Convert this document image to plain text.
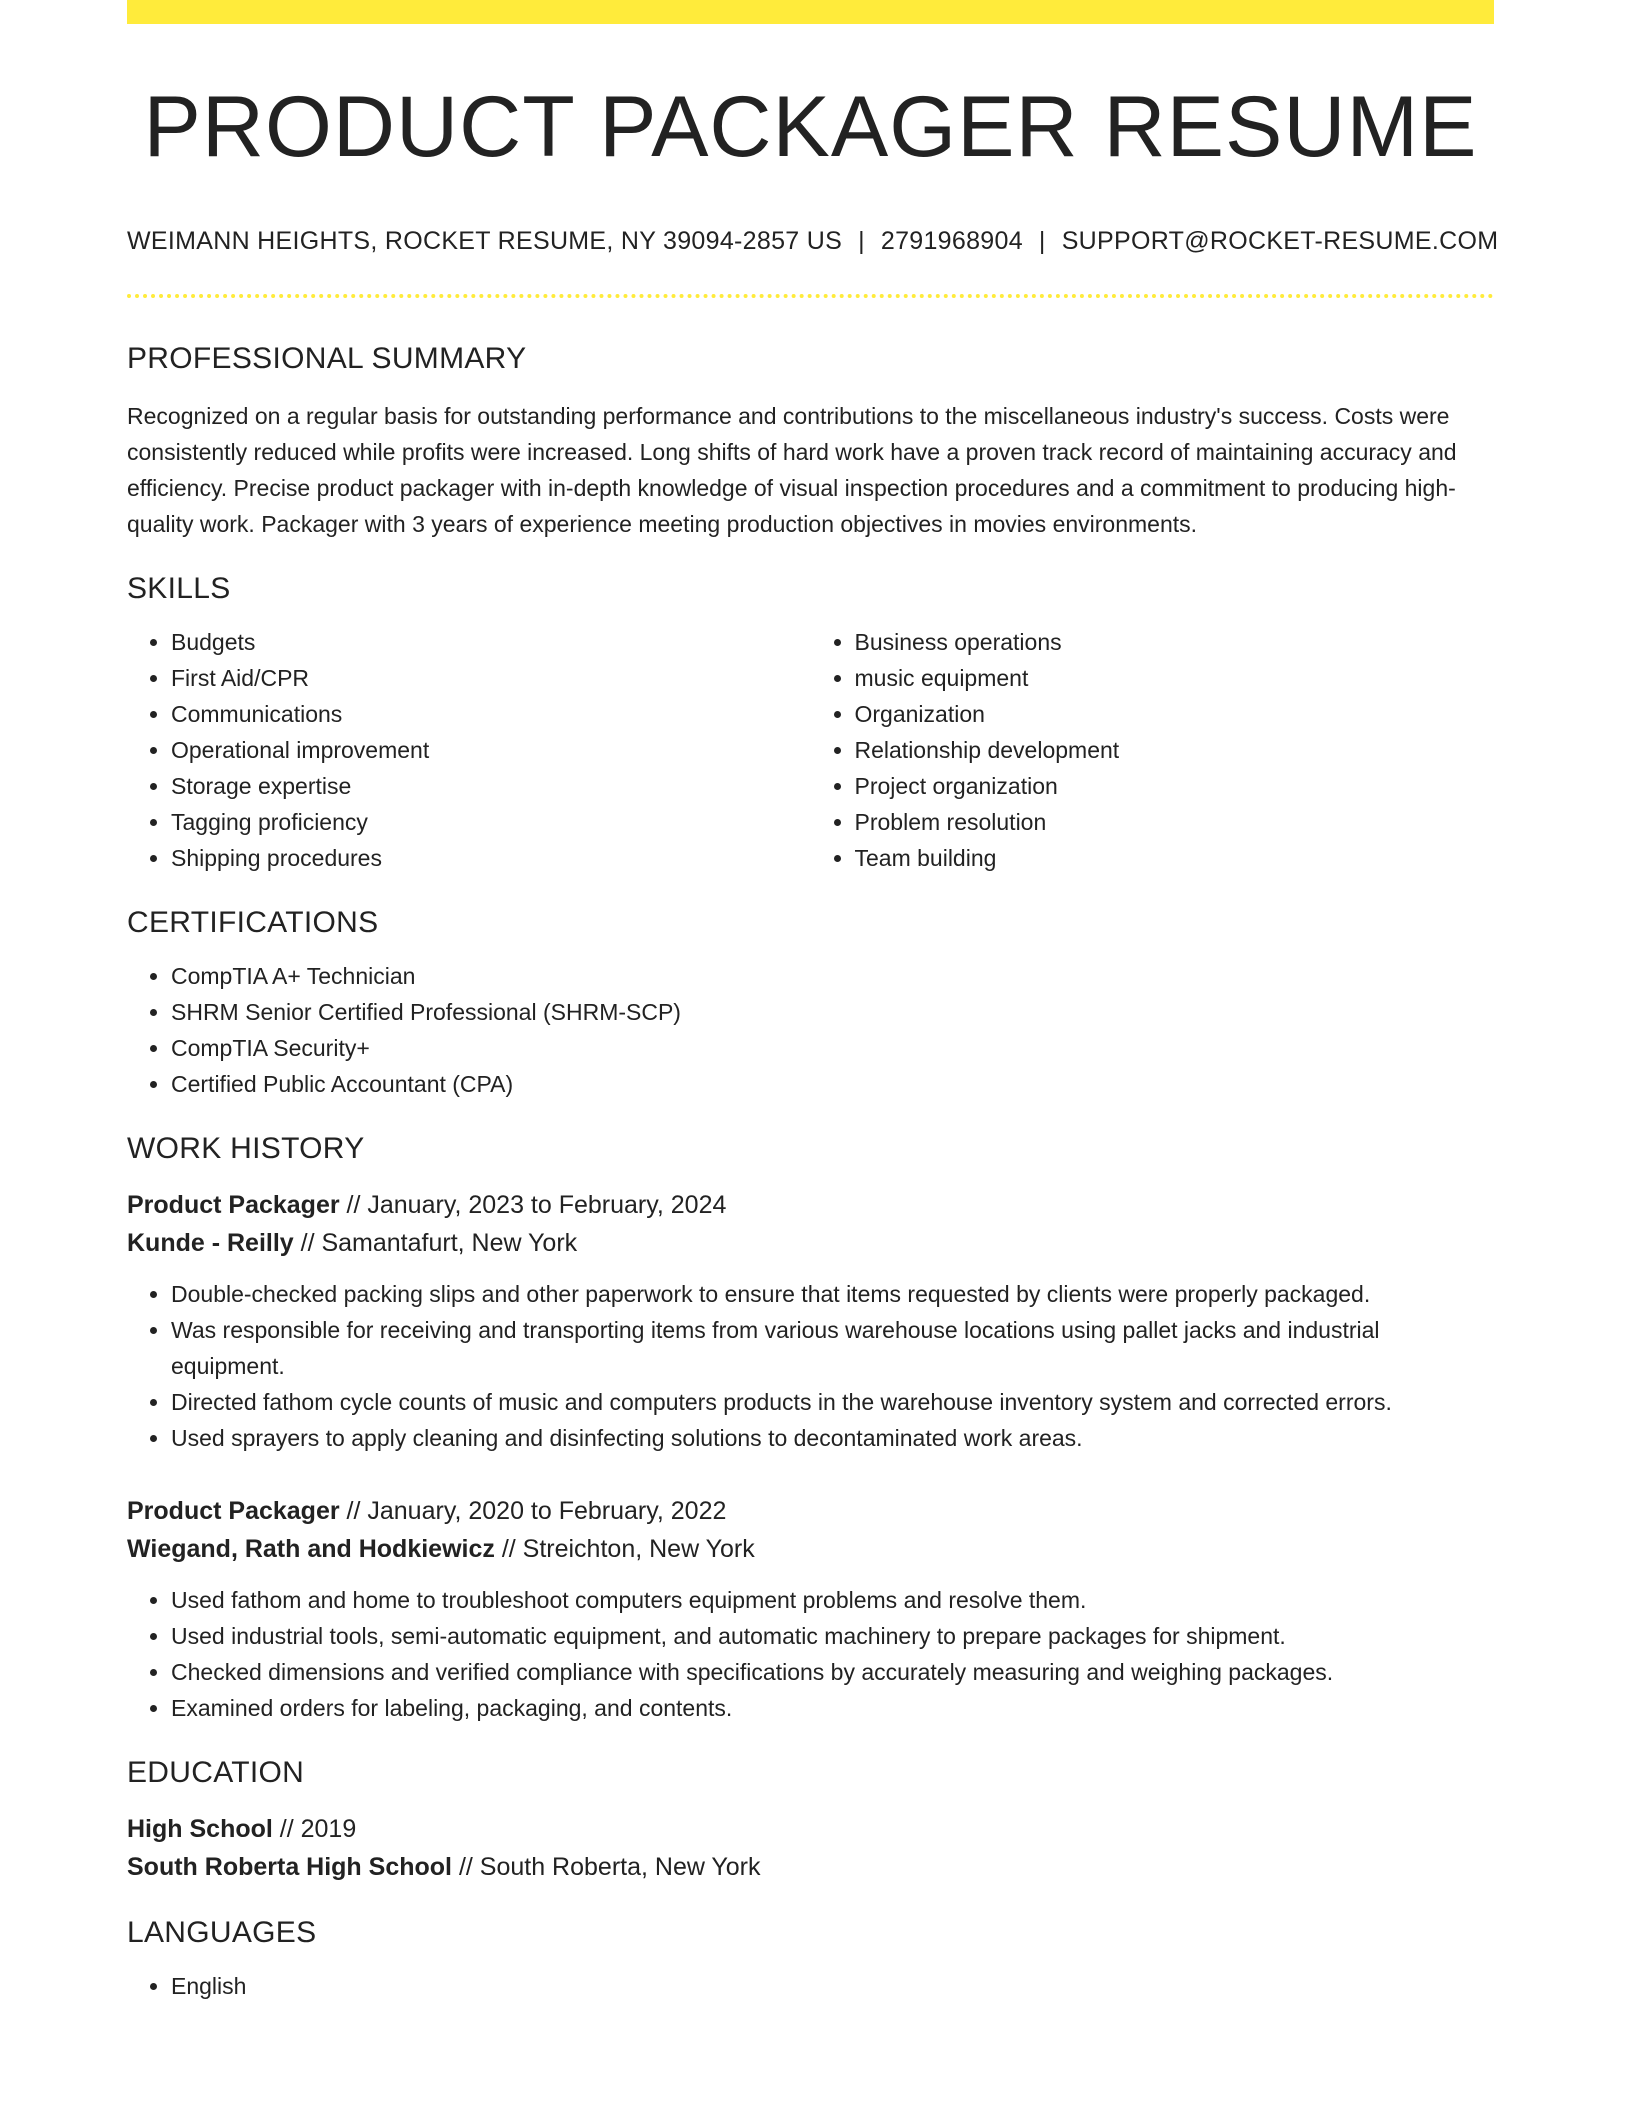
PRODUCT PACKAGER RESUME
WEIMANN HEIGHTS, ROCKET RESUME, NY 39094-2857 US | 2791968904 | SUPPORT@ROCKET-RESUME.COM
PROFESSIONAL SUMMARY

Recognized on a regular basis for outstanding performance and contributions to the miscellaneous industry's success. Costs were consistently reduced while profits were increased. Long shifts of hard work have a proven track record of maintaining accuracy and efficiency. Precise product packager with in-depth knowledge of visual inspection procedures and a commitment to producing high-quality work. Packager with 3 years of experience meeting production objectives in movies environments.

SKILLS
• Budgets
• First Aid/CPR
• Communications
• Operational improvement
• Storage expertise
• Tagging proficiency
• Shipping procedures
• Business operations
• music equipment
• Organization
• Relationship development
• Project organization
• Problem resolution
• Team building
CERTIFICATIONS
• CompTIA A+ Technician
• SHRM Senior Certified Professional (SHRM-SCP)
• CompTIA Security+
• Certified Public Accountant (CPA)
WORK HISTORY
Product Packager // January, 2023 to February, 2024
Kunde - Reilly // Samantafurt, New York
• Double-checked packing slips and other paperwork to ensure that items requested by clients were properly packaged.
• Was responsible for receiving and transporting items from various warehouse locations using pallet jacks and industrial equipment.
• Directed fathom cycle counts of music and computers products in the warehouse inventory system and corrected errors.
• Used sprayers to apply cleaning and disinfecting solutions to decontaminated work areas.
Product Packager // January, 2020 to February, 2022
Wiegand, Rath and Hodkiewicz // Streichton, New York
• Used fathom and home to troubleshoot computers equipment problems and resolve them.
• Used industrial tools, semi-automatic equipment, and automatic machinery to prepare packages for shipment.
• Checked dimensions and verified compliance with specifications by accurately measuring and weighing packages.
• Examined orders for labeling, packaging, and contents.
EDUCATION
High School // 2019
South Roberta High School // South Roberta, New York
LANGUAGES
• English
